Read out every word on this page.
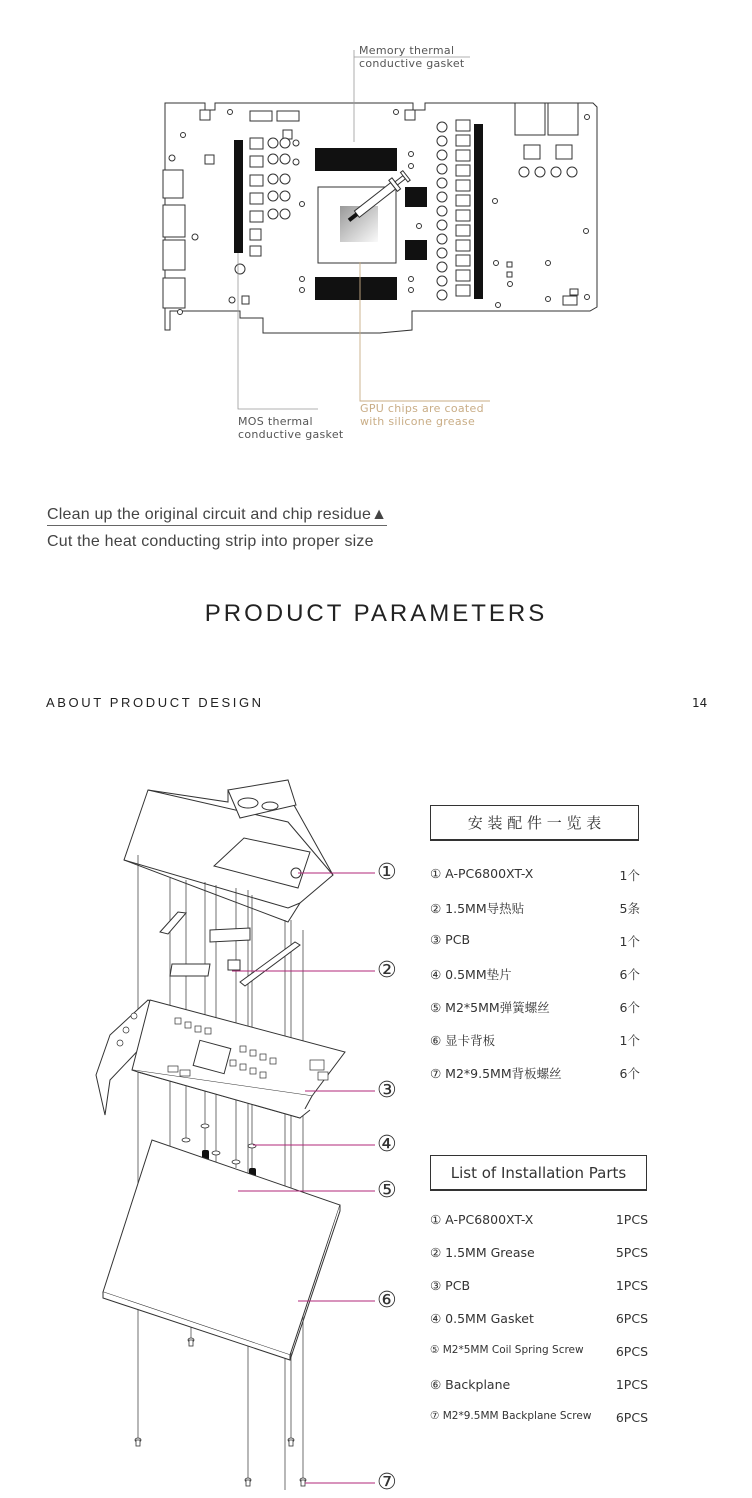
Memory thermal
conductive gasket
MOS thermal
conductive gasket
GPU chips are coated
with silicone grease
Clean up the original circuit and chip residue▲
Cut the heat conducting strip into proper size
PRODUCT PARAMETERS
ABOUT PRODUCT DESIGN	14
①
②
③
④
⑤
⑥
⑦
安 装 配 件 一 览 表
① A-PC6800XT-X	1个
② 1.5MM导热贴	5条
③ PCB	1个
④ 0.5MM垫片	6个
⑤ M2*5MM弹簧螺丝	6个
⑥ 显卡背板	1个
⑦ M2*9.5MM背板螺丝	6个
List of Installation Parts
① A-PC6800XT-X	1PCS
② 1.5MM Grease	5PCS
③ PCB	1PCS
④ 0.5MM Gasket	6PCS
⑤ M2*5MM Coil Spring Screw	6PCS
⑥ Backplane	1PCS
⑦ M2*9.5MM Backplane Screw 6PCS
